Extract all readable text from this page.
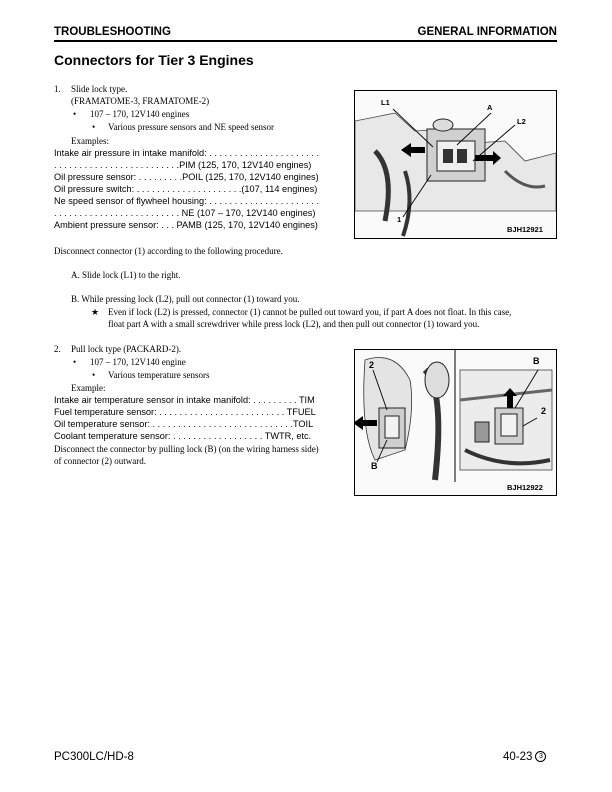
TROUBLESHOOTING	GENERAL INFORMATION
Connectors for Tier 3 Engines
1. Slide lock type.
(FRAMATOME-3, FRAMATOME-2)
• 107 – 170, 12V140 engines
• Various pressure sensors and NE speed sensor
Examples:
Intake air pressure in intake manifold: . . . . . . . . . . . . . . . . . . . . . .
. . . . . . . . . . . . . . . . . . . . . . . . .PIM (125, 170, 12V140 engines)
Oil pressure sensor: . . . . . . . . .POIL (125, 170, 12V140 engines)
Oil pressure switch: . . . . . . . . . . . . . . . . . . . . .(107, 114 engines)
Ne speed sensor of flywheel housing: . . . . . . . . . . . . . . . . . . . . . .
. . . . . . . . . . . . . . . . . . . . . . . . . NE (107 – 170, 12V140 engines)
Ambient pressure sensor: . . . PAMB (125, 170, 12V140 engines)
L1
A
L2
1
BJH12921
Disconnect connector (1) according to the following procedure.
A. Slide lock (L1) to the right.
B. While pressing lock (L2), pull out connector (1) toward you.
★ Even if lock (L2) is pressed, connector (1) cannot be pulled out toward you, if part A does not float. In this case,
float part A with a small screwdriver while press lock (L2), and then pull out connector (1) toward you.
2. Pull lock type (PACKARD-2).
• 107 – 170, 12V140 engine
• Various temperature sensors
Example:
Intake air temperature sensor in intake manifold: . . . . . . . . . TIM
Fuel temperature sensor: . . . . . . . . . . . . . . . . . . . . . . . . . TFUEL
Oil temperature sensor: . . . . . . . . . . . . . . . . . . . . . . . . . . . .TOIL
Coolant temperature sensor: . . . . . . . . . . . . . . . . . . TWTR, etc.
Disconnect the connector by pulling lock (B) (on the wiring harness side)
of connector (2) outward.
2
B
B
2
BJH12922
PC300LC/HD-8	40-23 3
